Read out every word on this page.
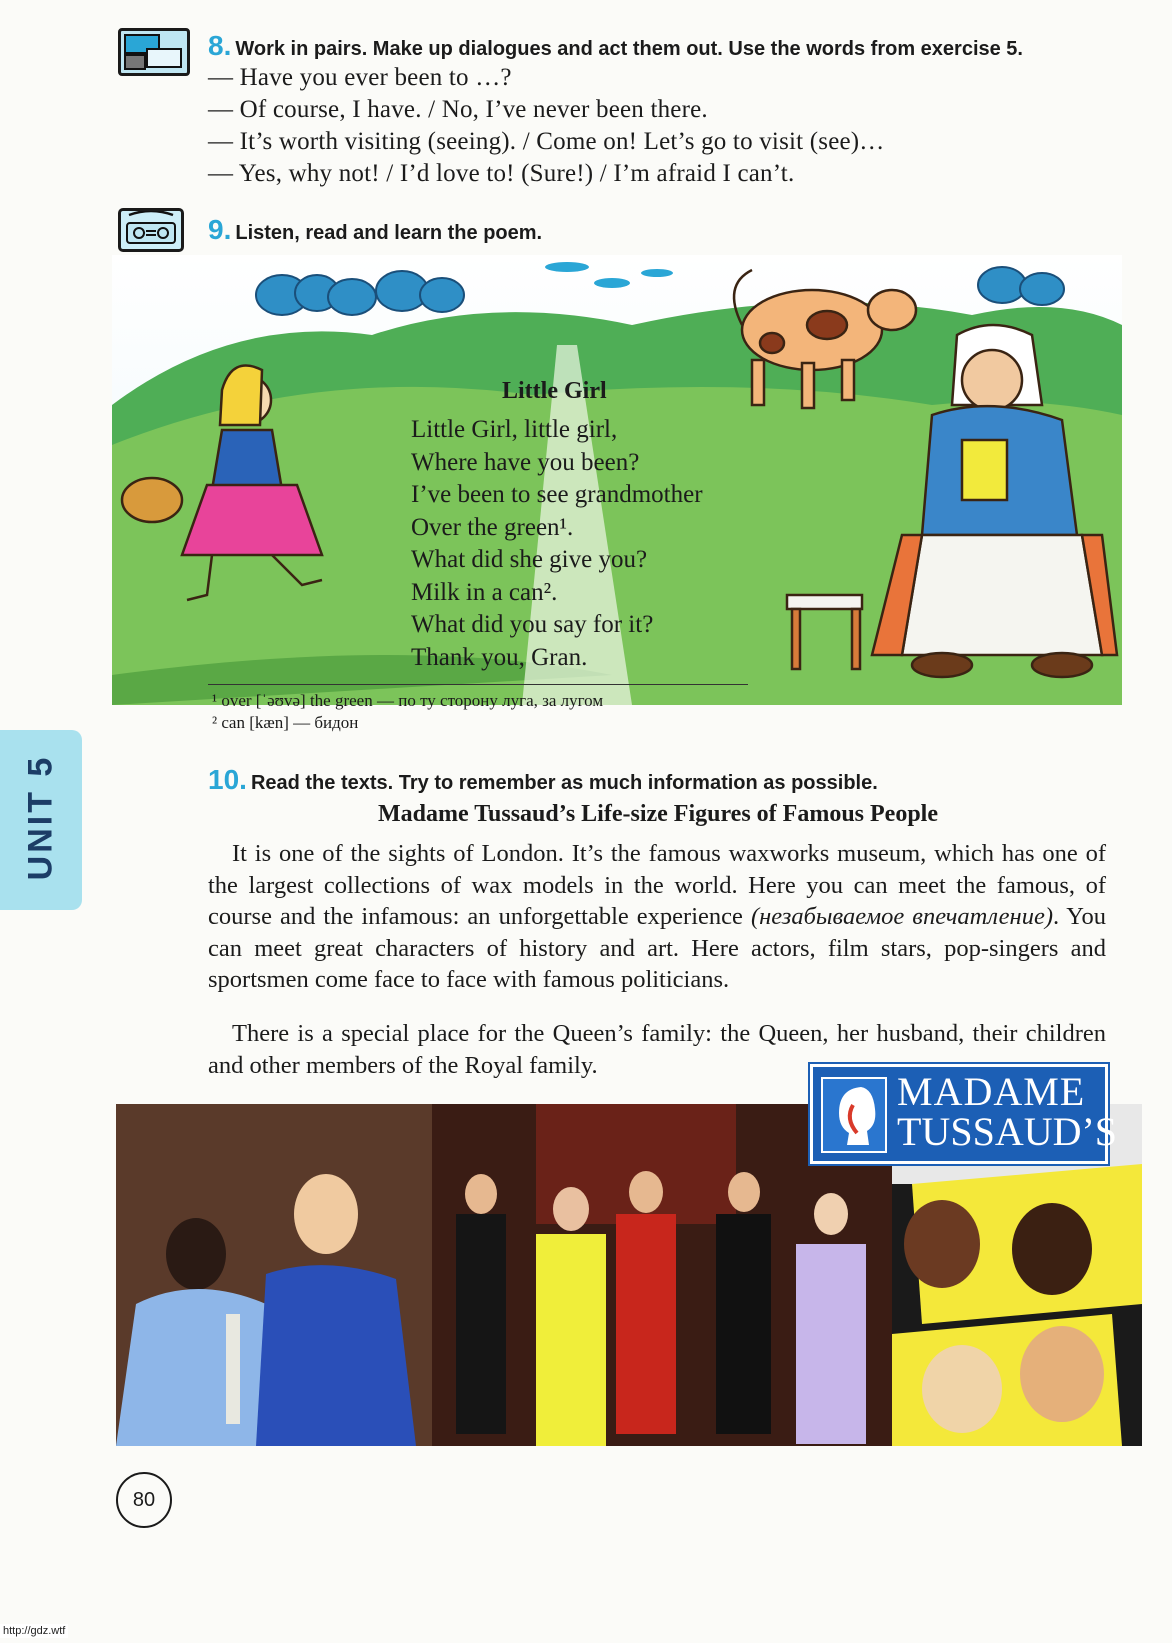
8. Work in pairs. Make up dialogues and act them out. Use the words from exercise 5.
— Have you ever been to …?
— Of course, I have. / No, I’ve never been there.
— It’s worth visiting (seeing). / Come on! Let’s go to visit (see)…
— Yes, why not! / I’d love to! (Sure!) / I’m afraid I can’t.
9. Listen, read and learn the poem.
Little Girl
Little Girl, little girl,
Where have you been?
I’ve been to see grandmother
Over the green¹.
What did she give you?
Milk in a can².
What did you say for it?
Thank you, Gran.
¹ over [ˈəʊvə] the green — по ту сторону луга, за лугом
² can [kæn] — бидон
UNIT 5	10. Read the texts. Try to remember as much information as possible.
Madame Tussaud’s Life-size Figures of Famous People
It is one of the sights of London. It’s the famous waxworks museum, which has one of the largest collections of wax models in the world. Here you can meet the famous, of course and the infamous: an unforgettable experience (незабываемое впечатление). You can meet great characters of history and art. Here actors, film stars, pop-singers and sportsmen come face to face with famous politicians.
There is a special place for the Queen’s family: the Queen, her husband, their children and other members of the Royal family.
MADAME
TUSSAUD’S
80
http://gdz.wtf
